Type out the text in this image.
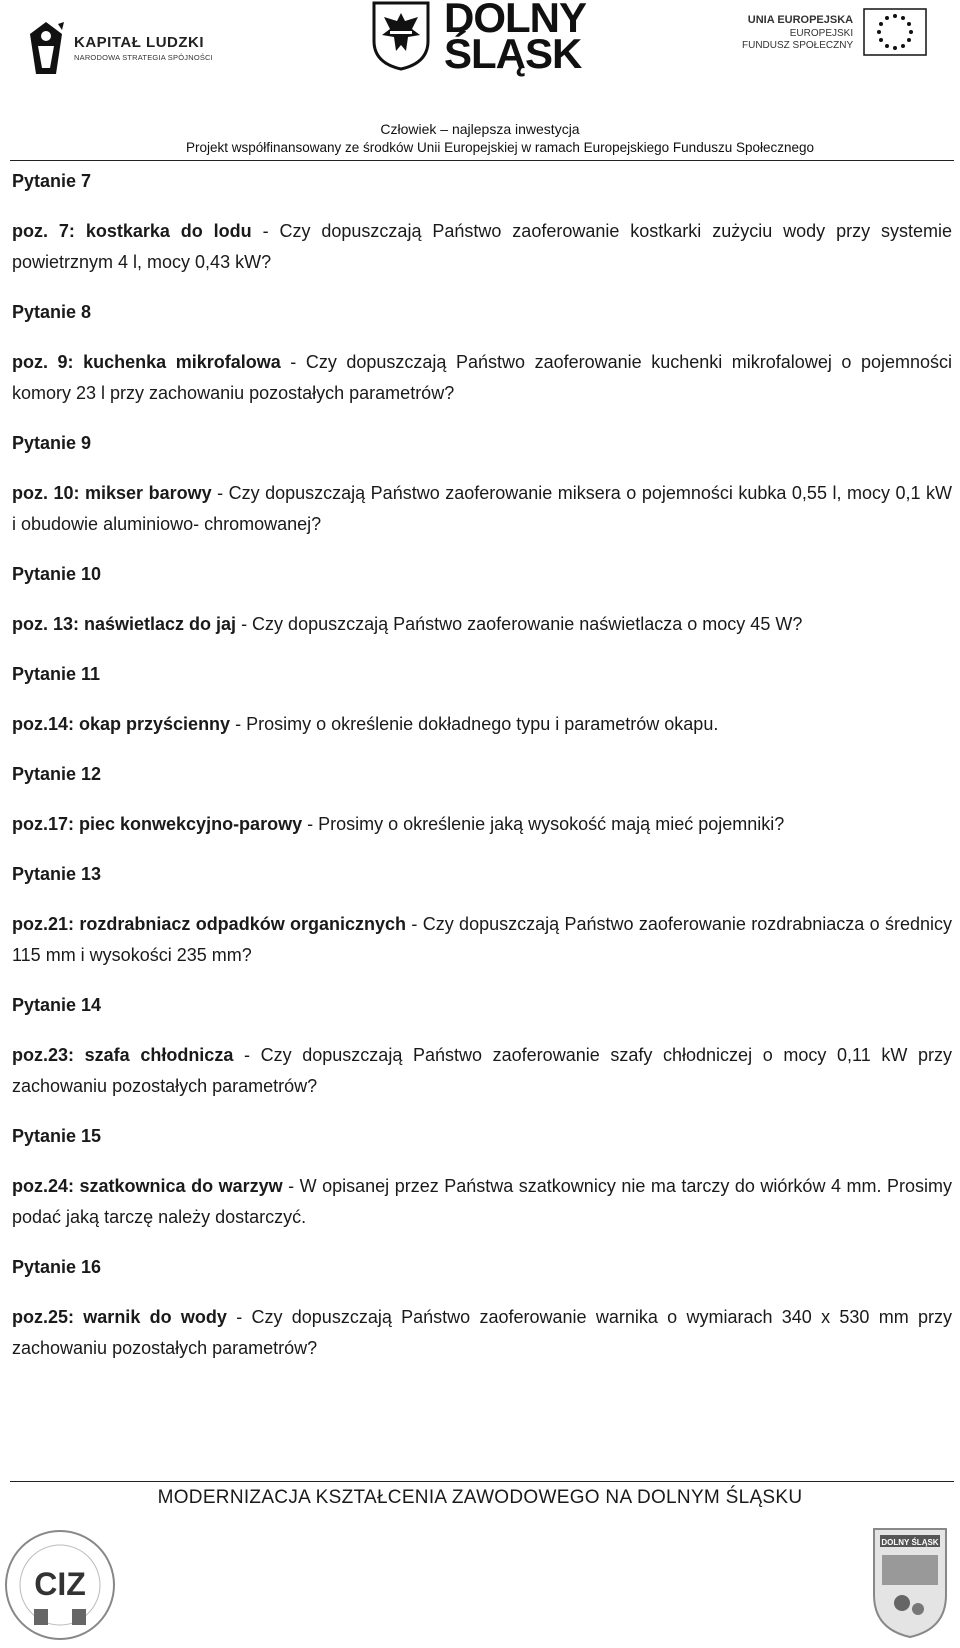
KAPITAŁ LUDZKI
NARODOWA STRATEGIA SPÓJNOŚCI
DOLNY
ŚLĄSK
UNIA EUROPEJSKA
EUROPEJSKI
FUNDUSZ SPOŁECZNY
Człowiek – najlepsza inwestycja
Projekt współfinansowany ze środków Unii Europejskiej w ramach Europejskiego Funduszu Społecznego
Pytanie 7
poz. 7: kostkarka do lodu - Czy dopuszczają Państwo zaoferowanie kostkarki zużyciu wody przy systemie powietrznym 4 l, mocy 0,43 kW?
Pytanie 8
poz. 9: kuchenka mikrofalowa - Czy dopuszczają Państwo zaoferowanie kuchenki mikrofalowej o pojemności komory 23 l przy zachowaniu pozostałych parametrów?
Pytanie 9
poz. 10: mikser barowy - Czy dopuszczają Państwo zaoferowanie miksera o pojemności kubka 0,55 l, mocy 0,1 kW i obudowie aluminiowo- chromowanej?
Pytanie 10
poz. 13: naświetlacz do jaj - Czy dopuszczają Państwo zaoferowanie naświetlacza o mocy 45 W?
Pytanie 11
poz.14: okap przyścienny - Prosimy o określenie dokładnego typu i parametrów okapu.
Pytanie 12
poz.17: piec konwekcyjno-parowy - Prosimy o określenie jaką wysokość mają mieć pojemniki?
Pytanie 13
poz.21: rozdrabniacz odpadków organicznych - Czy dopuszczają Państwo zaoferowanie rozdrabniacza o średnicy 115 mm i wysokości 235 mm?
Pytanie 14
poz.23: szafa chłodnicza - Czy dopuszczają Państwo zaoferowanie szafy chłodniczej o mocy 0,11 kW przy zachowaniu pozostałych parametrów?
Pytanie 15
poz.24: szatkownica do warzyw - W opisanej przez Państwa szatkownicy nie ma tarczy do wiórków 4 mm. Prosimy podać jaką tarczę należy dostarczyć.
Pytanie 16
poz.25: warnik do wody - Czy dopuszczają Państwo zaoferowanie warnika o wymiarach 340 x 530 mm przy zachowaniu pozostałych parametrów?
MODERNIZACJA KSZTAŁCENIA ZAWODOWEGO NA DOLNYM ŚLĄSKU
CIZ
DOLNY ŚLĄSK
